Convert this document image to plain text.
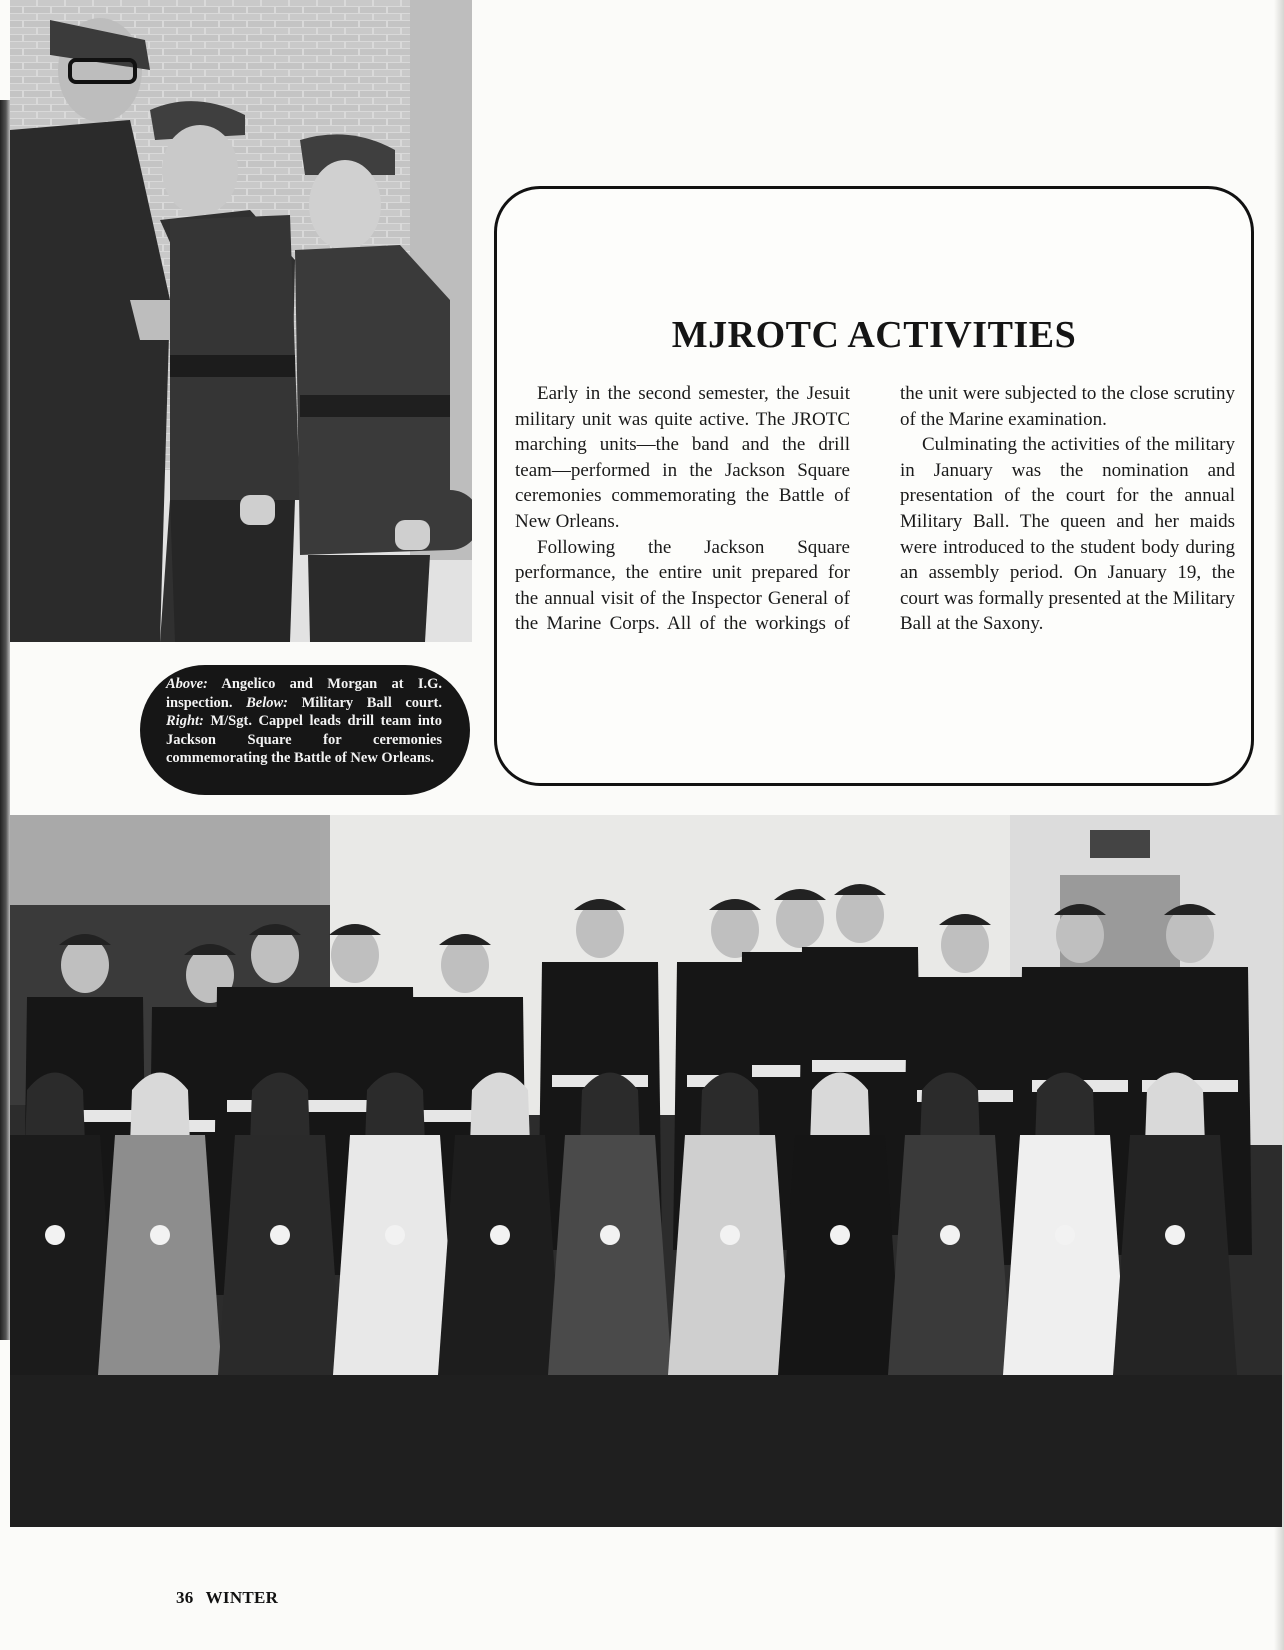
Above: Angelico and Morgan at I.G. inspection. Below: Military Ball court. Right: M/Sgt. Cappel leads drill team into Jackson Square for ceremonies commemorating the Battle of New Orleans.
MJROTC ACTIVITIES

Early in the second semester, the Jesuit military unit was quite active. The JROTC marching units—the band and the drill team—performed in the Jackson Square ceremonies commemorating the Battle of New Orleans.

Following the Jackson Square performance, the entire unit prepared for the annual visit of the Inspector General of the Marine Corps. All of the workings of the unit were subjected to the close scrutiny of the Marine examination.

Culminating the activities of the military in January was the nomination and presentation of the court for the annual Military Ball. The queen and her maids were introduced to the student body during an assembly period. On January 19, the court was formally presented at the Military Ball at the Saxony.

36 WINTER
